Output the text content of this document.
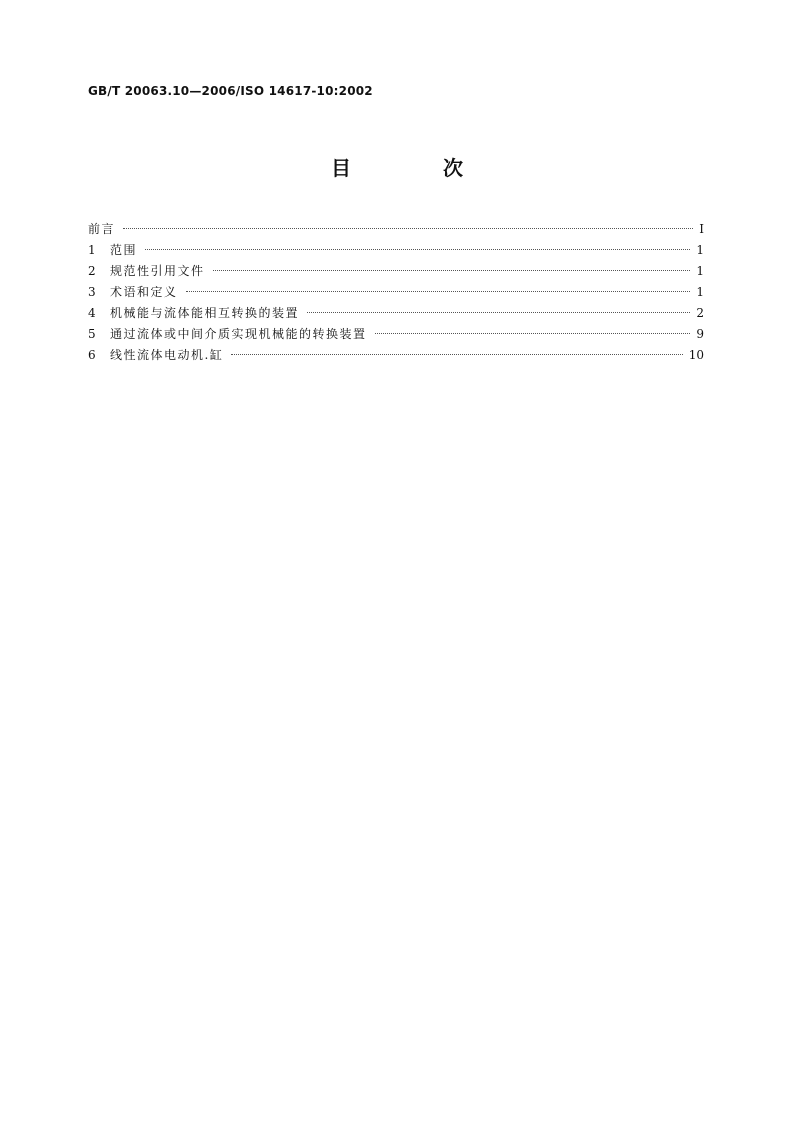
GB/T 20063.10—2006/ISO 14617-10:2002
目　次
前言	I
1	范围	1
2	规范性引用文件	1
3	术语和定义	1
4	机械能与流体能相互转换的装置	2
5	通过流体或中间介质实现机械能的转换装置	9
6	线性流体电动机.缸	10
